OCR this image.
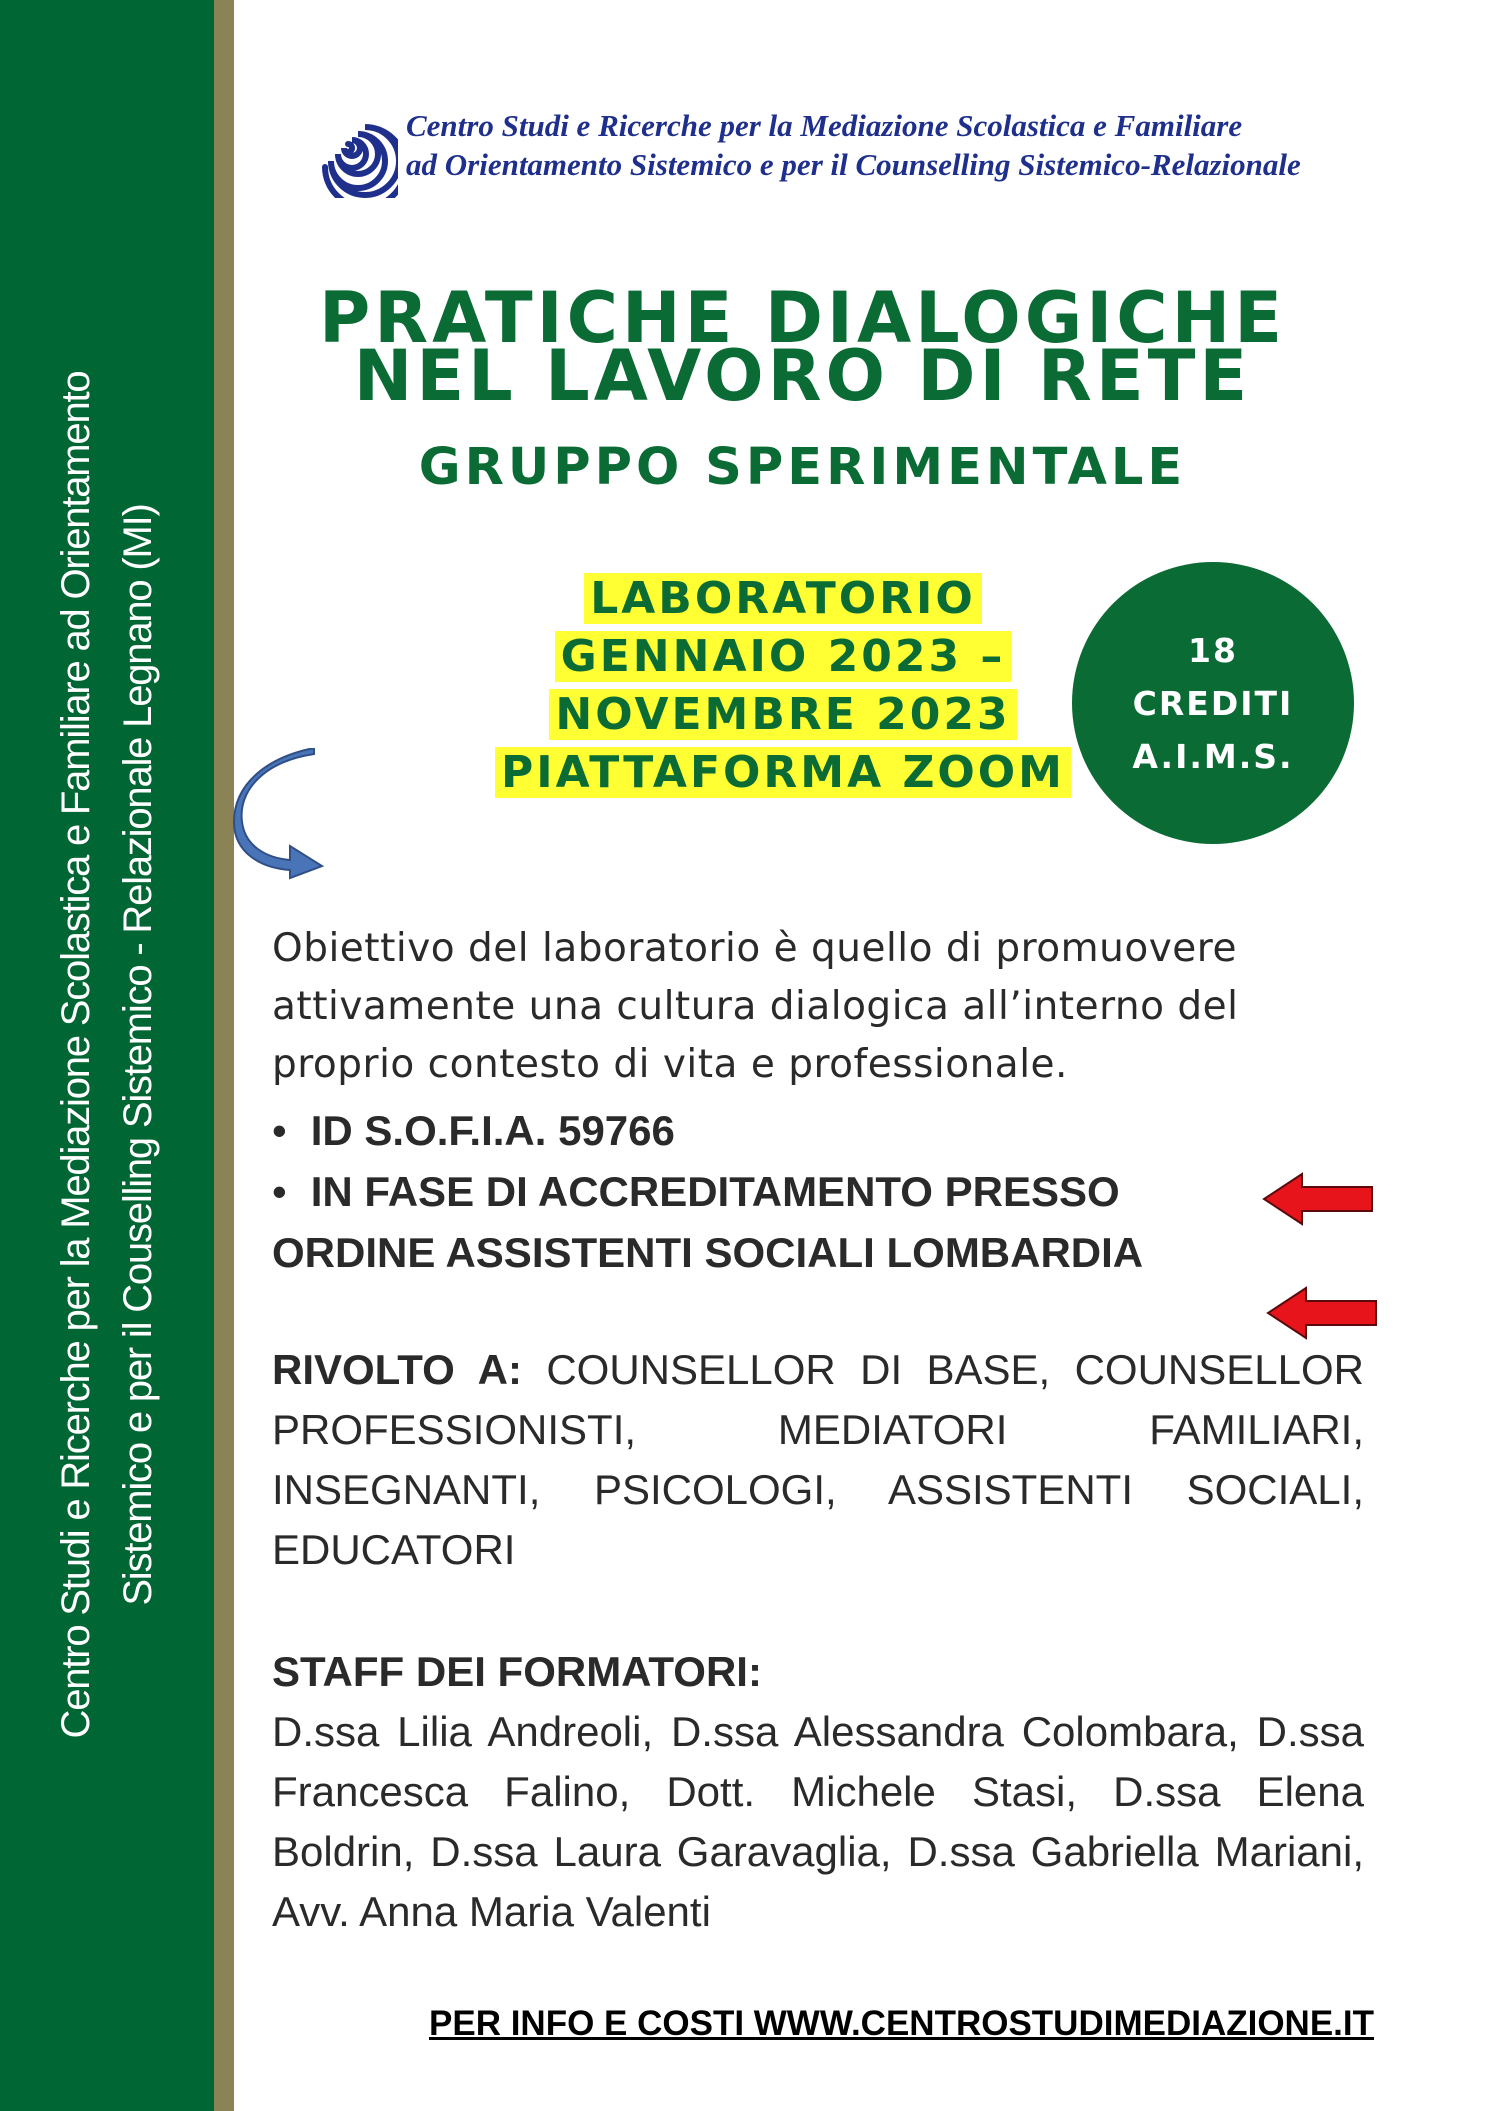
Centro Studi e Ricerche per la Mediazione Scolastica e Familiare ad Orientamento Sistemico e per il Couselling Sistemico - Relazionale Legnano (MI)
Centro Studi e Ricerche per la Mediazione Scolastica e Familiare
ad Orientamento Sistemico e per il Counselling Sistemico-Relazionale
PRATICHE DIALOGICHE
NEL LAVORO DI RETE
GRUPPO SPERIMENTALE
LABORATORIO
GENNAIO 2023 –
NOVEMBRE 2023
PIATTAFORMA ZOOM
18
CREDITI
A.I.M.S.
Obiettivo del laboratorio è quello di promuovere attivamente una cultura dialogica all’interno del proprio contesto di vita e professionale.
• ID S.O.F.I.A. 59766
• IN FASE DI ACCREDITAMENTO PRESSO
ORDINE ASSISTENTI SOCIALI LOMBARDIA
RIVOLTO A: COUNSELLOR DI BASE, COUNSELLOR PROFESSIONISTI, MEDIATORI FAMILIARI, INSEGNANTI, PSICOLOGI, ASSISTENTI SOCIALI, EDUCATORI
STAFF DEI FORMATORI:
D.ssa Lilia Andreoli, D.ssa Alessandra Colombara, D.ssa Francesca Falino, Dott. Michele Stasi, D.ssa Elena Boldrin, D.ssa Laura Garavaglia, D.ssa Gabriella Mariani, Avv. Anna Maria Valenti
PER INFO E COSTI WWW.CENTROSTUDIMEDIAZIONE.IT
